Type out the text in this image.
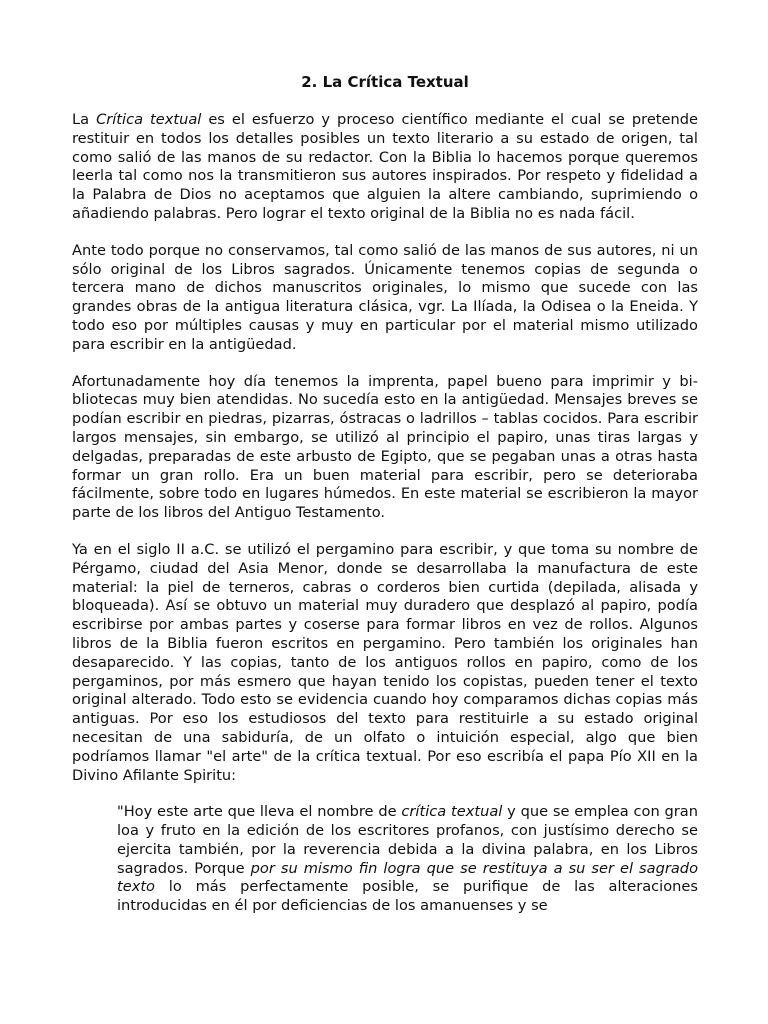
2. La Crítica Textual

La Crítica textual es el esfuerzo y proceso científico mediante el cual se pretende restituir en todos los detalles posibles un texto literario a su estado de origen, tal como salió de las manos de su redactor. Con la Biblia lo hacemos porque queremos leerla tal como nos la transmitieron sus autores inspirados. Por respeto y fidelidad a la Palabra de Dios no aceptamos que alguien la altere cambiando, suprimiendo o añadiendo palabras. Pero lograr el texto original de la Biblia no es nada fácil.

Ante todo porque no conservamos, tal como salió de las manos de sus autores, ni un sólo original de los Libros sagrados. Únicamente tenemos copias de segunda o tercera mano de dichos manuscritos originales, lo mismo que sucede con las grandes obras de la antigua literatura clásica, vgr. La Ilíada, la Odisea o la Eneida. Y todo eso por múltiples causas y muy en particular por el material mismo utilizado para escribir en la antigüedad.

Afortunadamente hoy día tenemos la imprenta, papel bueno para imprimir y bi-bliotecas muy bien atendidas. No sucedía esto en la antigüedad. Mensajes breves se podían escribir en piedras, pizarras, óstracas o ladrillos – tablas cocidos. Para escribir largos mensajes, sin embargo, se utilizó al principio el papiro, unas tiras largas y delgadas, preparadas de este arbusto de Egipto, que se pegaban unas a otras hasta formar un gran rollo. Era un buen material para escribir, pero se deterioraba fácilmente, sobre todo en lugares húmedos. En este material se escribieron la mayor parte de los libros del Antiguo Testamento.

Ya en el siglo II a.C. se utilizó el pergamino para escribir, y que toma su nombre de Pérgamo, ciudad del Asia Menor, donde se desarrollaba la manufactura de este material: la piel de terneros, cabras o corderos bien curtida (depilada, alisada y bloqueada). Así se obtuvo un material muy duradero que desplazó al papiro, podía escribirse por ambas partes y coserse para formar libros en vez de rollos. Algunos libros de la Biblia fueron escritos en pergamino. Pero también los originales han desaparecido. Y las copias, tanto de los antiguos rollos en papiro, como de los pergaminos, por más esmero que hayan tenido los copistas, pueden tener el texto original alterado. Todo esto se evidencia cuando hoy comparamos dichas copias más antiguas. Por eso los estudiosos del texto para restituirle a su estado original necesitan de una sabiduría, de un olfato o intuición especial, algo que bien podríamos llamar "el arte" de la crítica textual. Por eso escribía el papa Pío XII en la Divino Afilante Spiritu:

"Hoy este arte que lleva el nombre de crítica textual y que se emplea con gran loa y fruto en la edición de los escritores profanos, con justísimo derecho se ejercita también, por la reverencia debida a la divina palabra, en los Libros sagrados. Porque por su mismo fin logra que se restituya a su ser el sagrado texto lo más perfectamente posible, se purifique de las alteraciones introducidas en él por deficiencias de los amanuenses y se
